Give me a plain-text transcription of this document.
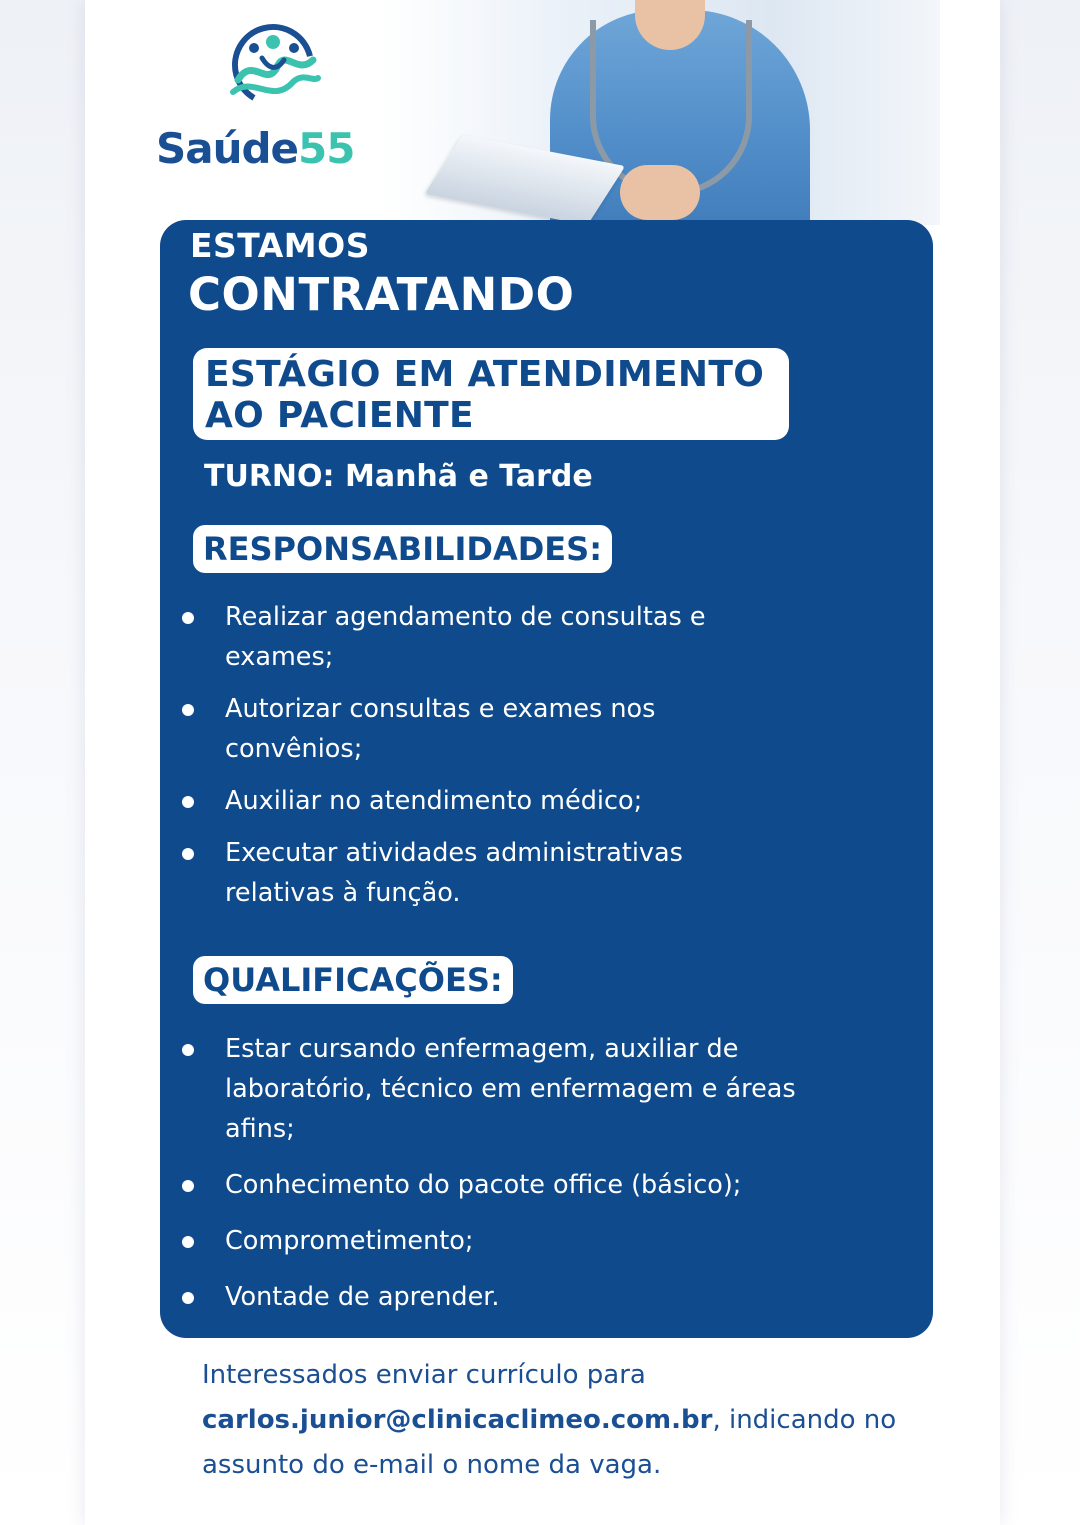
Saúde55
ESTAMOS
CONTRATANDO
ESTÁGIO EM ATENDIMENTO AO PACIENTE
TURNO: Manhã e Tarde
RESPONSABILIDADES:
Realizar agendamento de consultas e exames;
Autorizar consultas e exames nos convênios;
Auxiliar no atendimento médico;
Executar atividades administrativas relativas à função.
QUALIFICAÇÕES:
Estar cursando enfermagem, auxiliar de laboratório, técnico em enfermagem e áreas afins;
Conhecimento do pacote office (básico);
Comprometimento;
Vontade de aprender.
Interessados enviar currículo para
carlos.junior@clinicaclimeo.com.br, indicando no assunto do e-mail o nome da vaga.
